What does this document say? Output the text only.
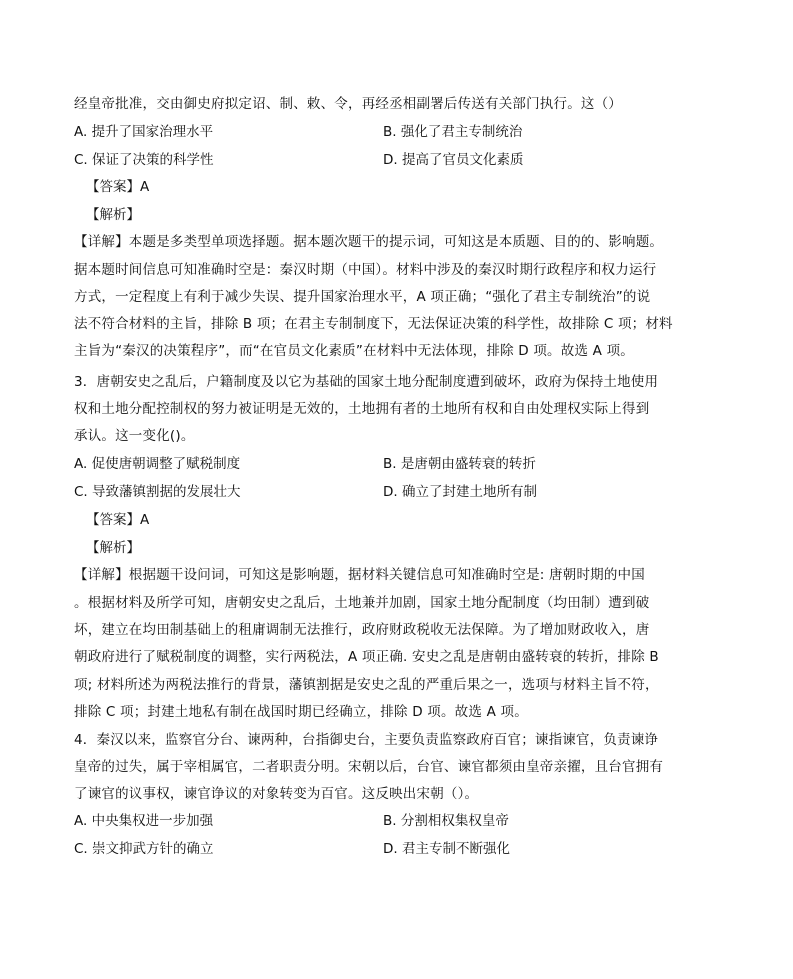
经皇帝批准，交由御史府拟定诏、制、敕、令，再经丞相副署后传送有关部门执行。这（）
A. 提升了国家治理水平	B. 强化了君主专制统治
C. 保证了决策的科学性	D. 提高了官员文化素质
【答案】A
【解析】
【详解】本题是多类型单项选择题。据本题次题干的提示词，可知这是本质题、目的的、影响题。
据本题时间信息可知准确时空是：秦汉时期（中国）。材料中涉及的秦汉时期行政程序和权力运行
方式，一定程度上有利于减少失误、提升国家治理水平，A 项正确；“强化了君主专制统治”的说
法不符合材料的主旨，排除 B 项；在君主专制制度下，无法保证决策的科学性，故排除 C 项；材料
主旨为“秦汉的决策程序”，而“在官员文化素质”在材料中无法体现，排除 D 项。故选 A 项。
3．唐朝安史之乱后，户籍制度及以它为基础的国家土地分配制度遭到破坏，政府为保持土地使用
权和土地分配控制权的努力被证明是无效的，土地拥有者的土地所有权和自由处理权实际上得到
承认。这一变化()。
A. 促使唐朝调整了赋税制度	B. 是唐朝由盛转衰的转折
C. 导致藩镇割据的发展壮大	D. 确立了封建土地所有制
【答案】A
【解析】
【详解】根据题干设问词，可知这是影响题，据材料关键信息可知准确时空是: 唐朝时期的中国
。根据材料及所学可知，唐朝安史之乱后，土地兼并加剧，国家土地分配制度（均田制）遭到破
坏，建立在均田制基础上的租庸调制无法推行，政府财政税收无法保障。为了增加财政收入，唐
朝政府进行了赋税制度的调整，实行两税法，A 项正确. 安史之乱是唐朝由盛转衰的转折，排除 B
项; 材料所述为两税法推行的背景，藩镇割据是安史之乱的严重后果之一，选项与材料主旨不符，
排除 C 项；封建土地私有制在战国时期已经确立，排除 D 项。故选 A 项。
4．秦汉以来，监察官分台、谏两种，台指御史台，主要负责监察政府百官；谏指谏官，负责谏诤
皇帝的过失，属于宰相属官，二者职责分明。宋朝以后，台官、谏官都须由皇帝亲擢，且台官拥有
了谏官的议事权，谏官诤议的对象转变为百官。这反映出宋朝（）。
A. 中央集权进一步加强	B. 分割相权集权皇帝
C. 崇文抑武方针的确立	D. 君主专制不断强化
